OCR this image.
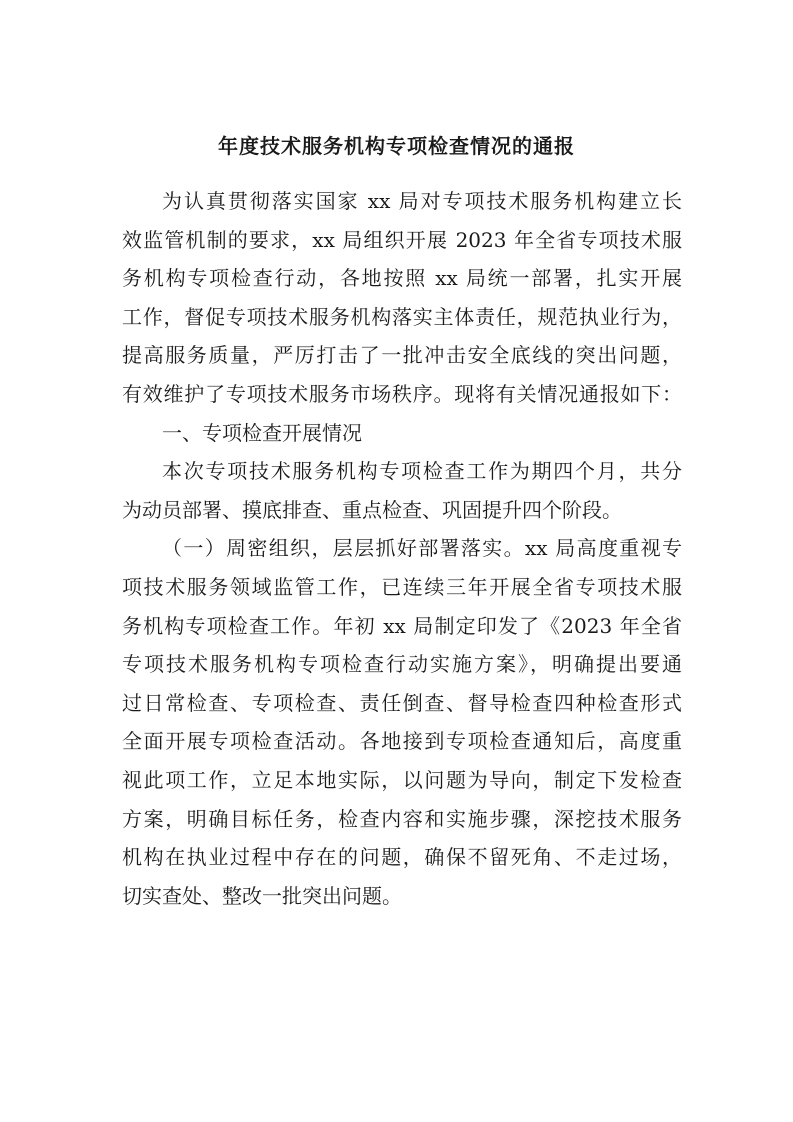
年度技术服务机构专项检查情况的通报
为认真贯彻落实国家 xx 局对专项技术服务机构建立长
效监管机制的要求，xx 局组织开展 2023 年全省专项技术服
务机构专项检查行动，各地按照 xx 局统一部署，扎实开展
工作，督促专项技术服务机构落实主体责任，规范执业行为，
提高服务质量，严厉打击了一批冲击安全底线的突出问题，
有效维护了专项技术服务市场秩序。现将有关情况通报如下：
一、专项检查开展情况
本次专项技术服务机构专项检查工作为期四个月，共分
为动员部署、摸底排查、重点检查、巩固提升四个阶段。
（一）周密组织，层层抓好部署落实。xx 局高度重视专
项技术服务领域监管工作，已连续三年开展全省专项技术服
务机构专项检查工作。年初 xx 局制定印发了《2023 年全省
专项技术服务机构专项检查行动实施方案》，明确提出要通
过日常检查、专项检查、责任倒查、督导检查四种检查形式
全面开展专项检查活动。各地接到专项检查通知后，高度重
视此项工作，立足本地实际，以问题为导向，制定下发检查
方案，明确目标任务，检查内容和实施步骤，深挖技术服务
机构在执业过程中存在的问题，确保不留死角、不走过场，
切实查处、整改一批突出问题。
